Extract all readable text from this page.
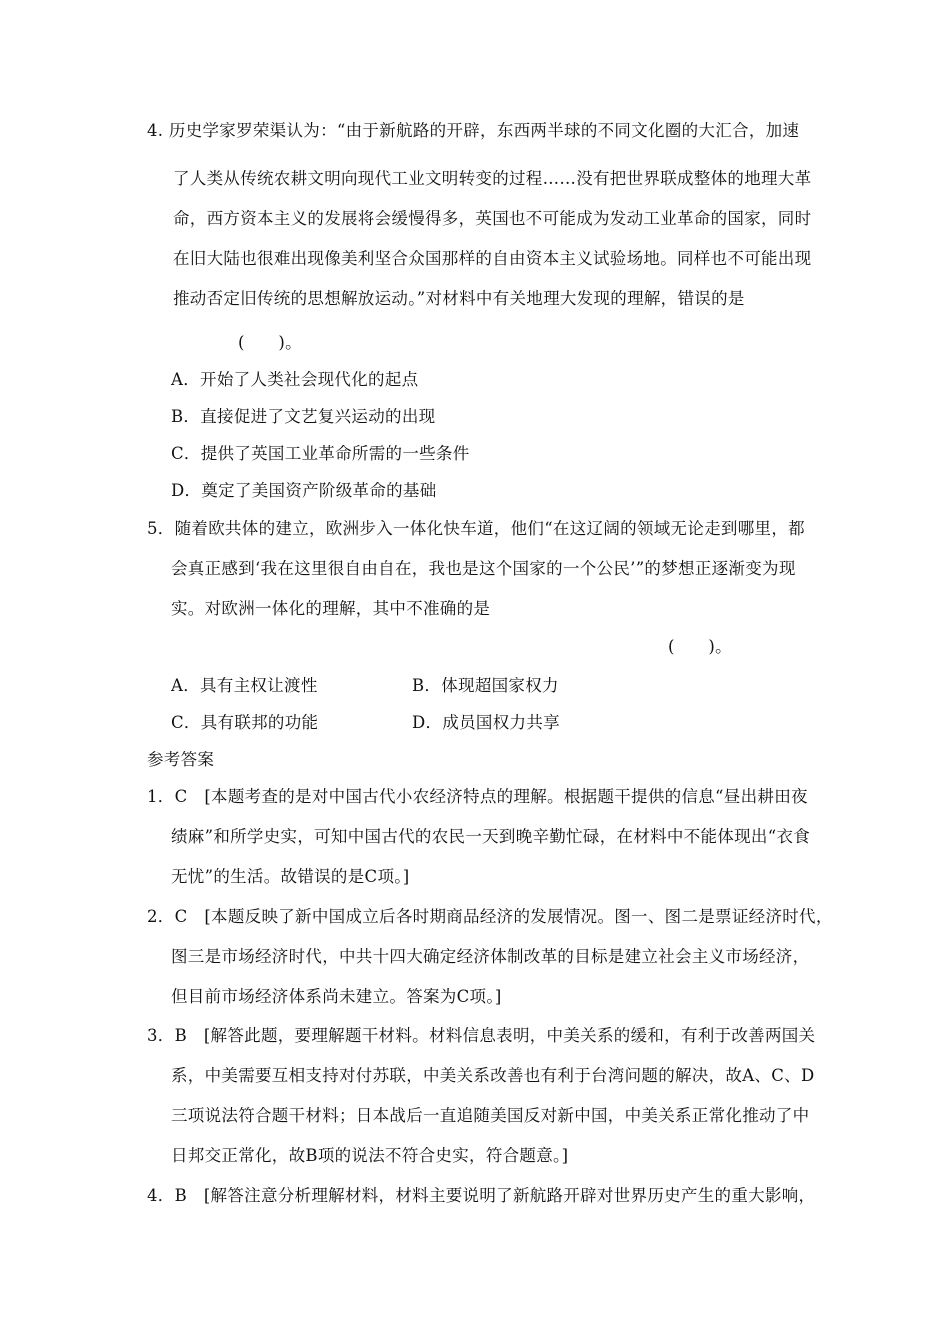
4. 历史学家罗荣渠认为：“由于新航路的开辟，东西两半球的不同文化圈的大汇合，加速
了人类从传统农耕文明向现代工业文明转变的过程……没有把世界联成整体的地理大革
命，西方资本主义的发展将会缓慢得多，英国也不可能成为发动工业革命的国家，同时
在旧大陆也很难出现像美利坚合众国那样的自由资本主义试验场地。同样也不可能出现
推动否定旧传统的思想解放运动。”对材料中有关地理大发现的理解，错误的是
(　　)。
A．开始了人类社会现代化的起点
B．直接促进了文艺复兴运动的出现
C．提供了英国工业革命所需的一些条件
D．奠定了美国资产阶级革命的基础
5．随着欧共体的建立，欧洲步入一体化快车道，他们“在这辽阔的领域无论走到哪里，都
会真正感到‘我在这里很自由自在，我也是这个国家的一个公民’”的梦想正逐渐变为现
实。对欧洲一体化的理解，其中不准确的是
(　　)。
A．具有主权让渡性	B．体现超国家权力
C．具有联邦的功能	D．成员国权力共享
参考答案
1．C　[本题考查的是对中国古代小农经济特点的理解。根据题干提供的信息“昼出耕田夜
绩麻”和所学史实，可知中国古代的农民一天到晚辛勤忙碌，在材料中不能体现出“衣食
无忧”的生活。故错误的是C项。]
2．C　[本题反映了新中国成立后各时期商品经济的发展情况。图一、图二是票证经济时代，
图三是市场经济时代，中共十四大确定经济体制改革的目标是建立社会主义市场经济，
但目前市场经济体系尚未建立。答案为C项。]
3．B　[解答此题，要理解题干材料。材料信息表明，中美关系的缓和，有利于改善两国关
系，中美需要互相支持对付苏联，中美关系改善也有利于台湾问题的解决，故A、C、D
三项说法符合题干材料；日本战后一直追随美国反对新中国，中美关系正常化推动了中
日邦交正常化，故B项的说法不符合史实，符合题意。]
4．B　[解答注意分析理解材料，材料主要说明了新航路开辟对世界历史产生的重大影响，
